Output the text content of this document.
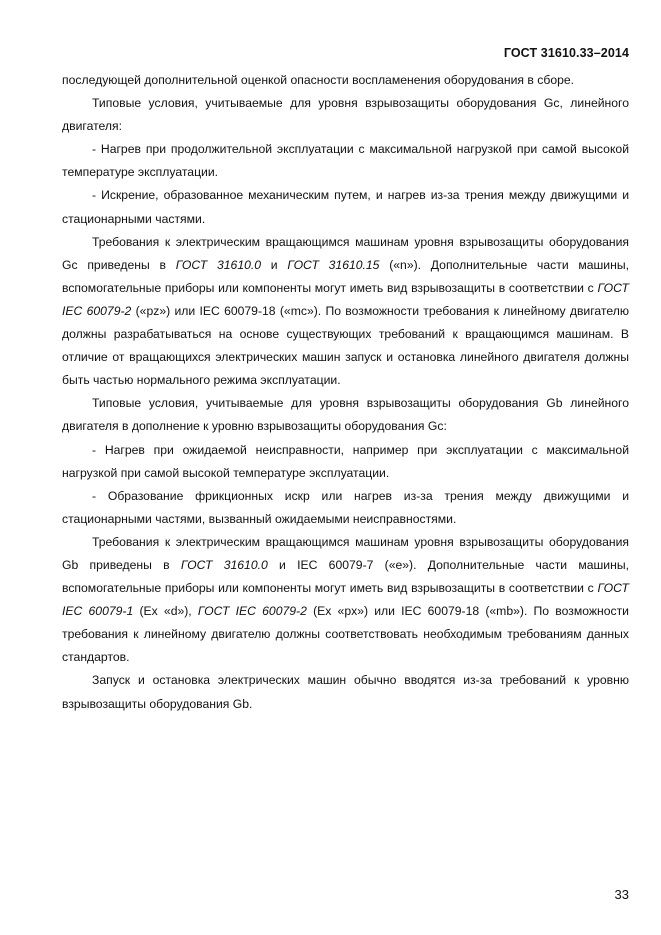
ГОСТ 31610.33–2014

последующей дополнительной оценкой опасности воспламенения оборудования в сборе.

Типовые условия, учитываемые для уровня взрывозащиты оборудования Gc, линейного двигателя:

- Нагрев при продолжительной эксплуатации с максимальной нагрузкой при самой высокой температуре эксплуатации.

- Искрение, образованное механическим путем, и нагрев из-за трения между движущими и стационарными частями.

Требования к электрическим вращающимся машинам уровня взрывозащиты оборудования Gc приведены в ГОСТ 31610.0 и ГОСТ 31610.15 («n»). Дополнительные части машины, вспомогательные приборы или компоненты могут иметь вид взрывозащиты в соответствии с ГОСТ IEC 60079-2 («pz») или IEC 60079-18 («mc»). По возможности требования к линейному двигателю должны разрабатываться на основе существующих требований к вращающимся машинам. В отличие от вращающихся электрических машин запуск и остановка линейного двигателя должны быть частью нормального режима эксплуатации.

Типовые условия, учитываемые для уровня взрывозащиты оборудования Gb линейного двигателя в дополнение к уровню взрывозащиты оборудования Gc:

- Нагрев при ожидаемой неисправности, например при эксплуатации с максимальной нагрузкой при самой высокой температуре эксплуатации.

- Образование фрикционных искр или нагрев из-за трения между движущими и стационарными частями, вызванный ожидаемыми неисправностями.

Требования к электрическим вращающимся машинам уровня взрывозащиты оборудования Gb приведены в ГОСТ 31610.0 и IEC 60079-7 («e»). Дополнительные части машины, вспомогательные приборы или компоненты могут иметь вид взрывозащиты в соответствии с ГОСТ IEC 60079-1 (Ex «d»), ГОСТ IEC 60079-2 (Ex «px») или IEC 60079-18 («mb»). По возможности требования к линейному двигателю должны соответствовать необходимым требованиям данных стандартов.

Запуск и остановка электрических машин обычно вводятся из-за требований к уровню взрывозащиты оборудования Gb.

33
